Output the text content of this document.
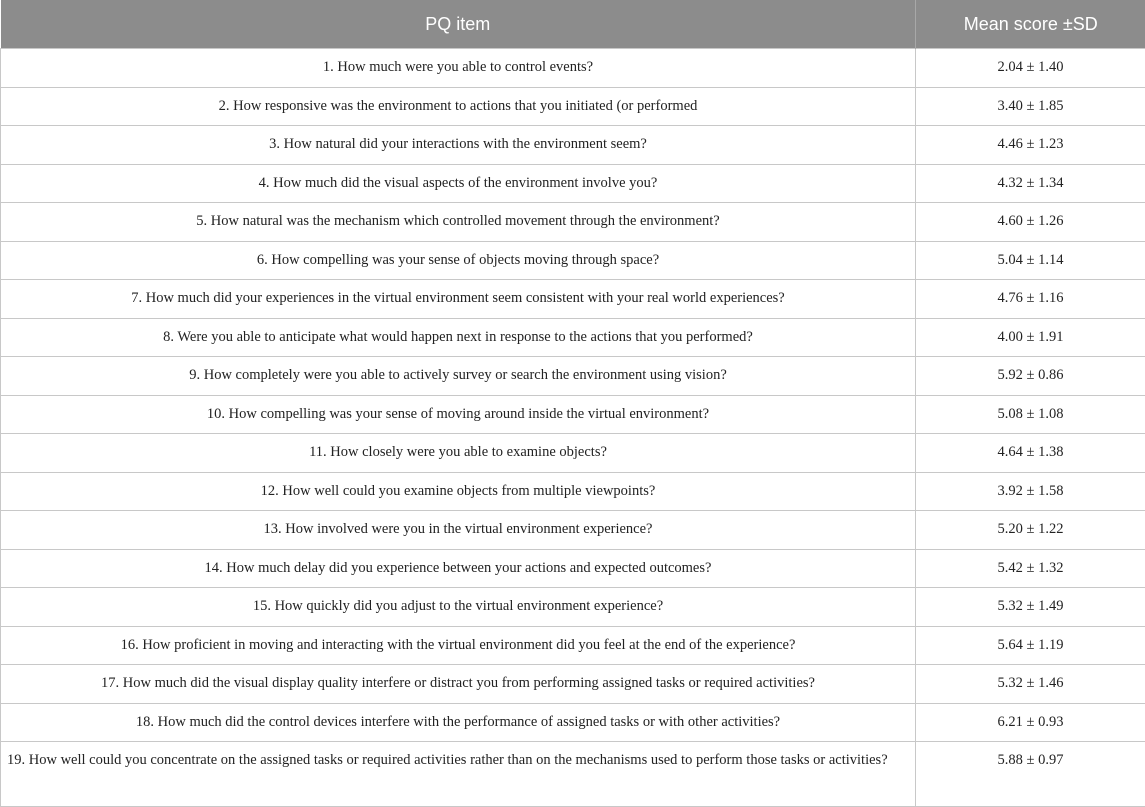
PQ item	Mean score ±SD
1. How much were you able to control events?	2.04 ± 1.40
2. How responsive was the environment to actions that you initiated (or performed	3.40 ± 1.85
3. How natural did your interactions with the environment seem?	4.46 ± 1.23
4. How much did the visual aspects of the environment involve you?	4.32 ± 1.34
5. How natural was the mechanism which controlled movement through the environment?	4.60 ± 1.26
6. How compelling was your sense of objects moving through space?	5.04 ± 1.14
7. How much did your experiences in the virtual environment seem consistent with your real world experiences?	4.76 ± 1.16
8. Were you able to anticipate what would happen next in response to the actions that you performed?	4.00 ± 1.91
9. How completely were you able to actively survey or search the environment using vision?	5.92 ± 0.86
10. How compelling was your sense of moving around inside the virtual environment?	5.08 ± 1.08
11. How closely were you able to examine objects?	4.64 ± 1.38
12. How well could you examine objects from multiple viewpoints?	3.92 ± 1.58
13. How involved were you in the virtual environment experience?	5.20 ± 1.22
14. How much delay did you experience between your actions and expected outcomes?	5.42 ± 1.32
15. How quickly did you adjust to the virtual environment experience?	5.32 ± 1.49
16. How proficient in moving and interacting with the virtual environment did you feel at the end of the experience?	5.64 ± 1.19
17. How much did the visual display quality interfere or distract you from performing assigned tasks or required activities?	5.32 ± 1.46
18. How much did the control devices interfere with the performance of assigned tasks or with other activities?	6.21 ± 0.93
19. How well could you concentrate on the assigned tasks or required activities rather than on the mechanisms used to perform those tasks or activities?	5.88 ± 0.97
